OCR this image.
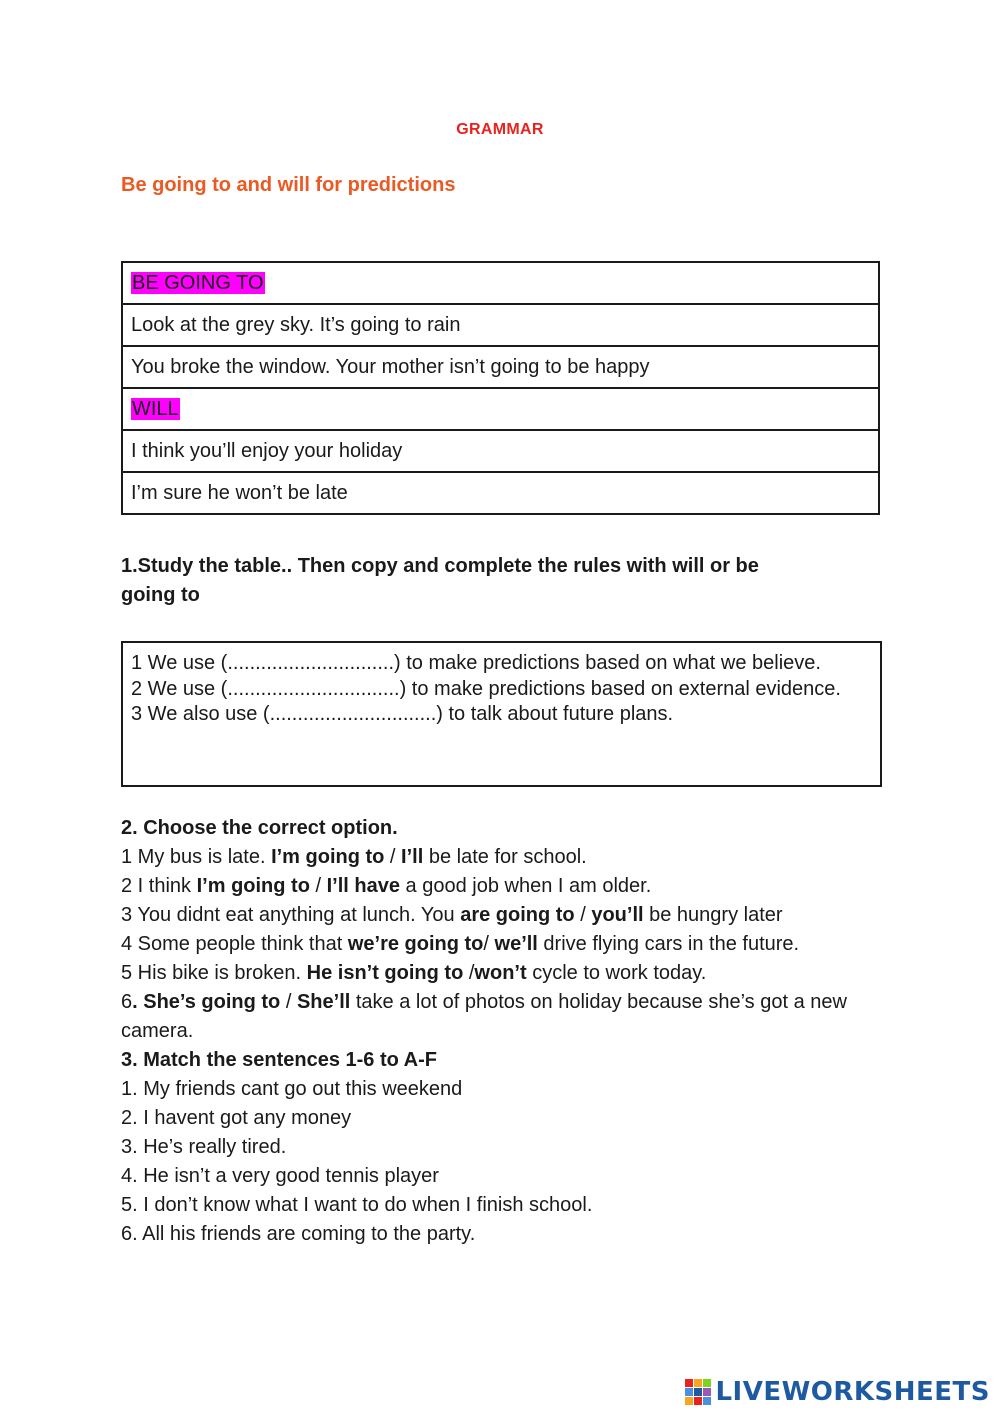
GRAMMAR
Be going to and will for predictions
BE GOING TO
Look at the grey sky. It’s going to rain
You broke the window. Your mother isn’t going to be happy
WILL
I think you’ll enjoy your holiday
I’m sure he won’t be late
1.Study the table.. Then copy and complete the rules with will or be
going to
1 We use (..............................) to make predictions based on what we believe.
2 We use (...............................) to make predictions based on external evidence.
3 We also use (..............................) to talk about future plans.
2. Choose the correct option.
1 My bus is late. I’m going to / I’ll be late for school.
2 I think I’m going to / I’ll have a good job when I am older.
3 You didnt eat anything at lunch. You are going to / you’ll be hungry later
4 Some people think that we’re going to/ we’ll drive flying cars in the future.
5 His bike is broken. He isn’t going to /won’t cycle to work today.
6. She’s going to / She’ll take a lot of photos on holiday because she’s got a new camera.
3. Match the sentences 1-6 to A-F
1. My friends cant go out this weekend
2. I havent got any money
3. He’s really tired.
4. He isn’t a very good tennis player
5. I don’t know what I want to do when I finish school.
6. All his friends are coming to the party.
LIVEWORKSHEETS
